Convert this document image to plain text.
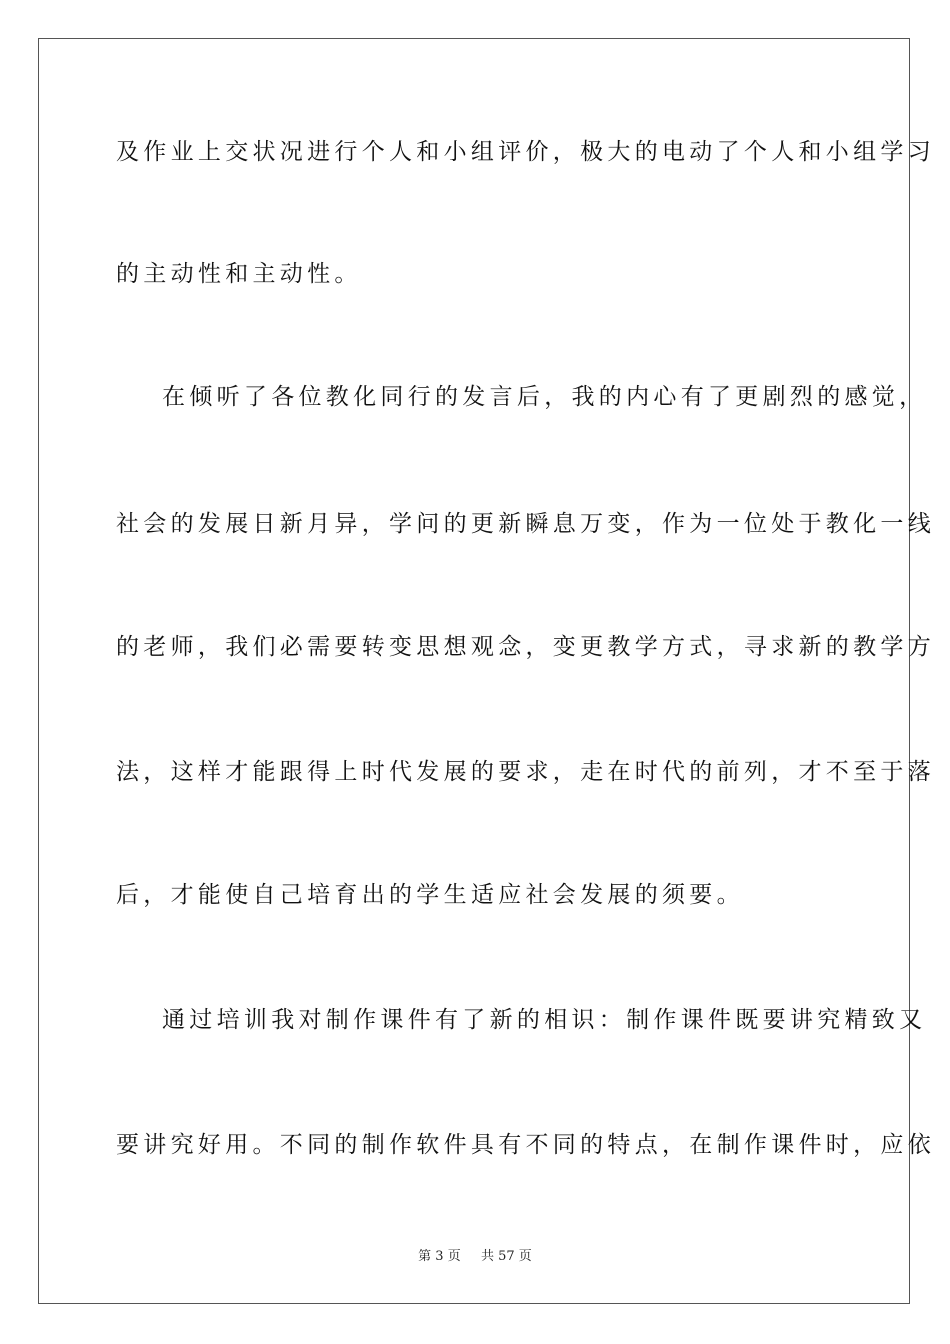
及作业上交状况进行个人和小组评价，极大的电动了个人和小组学习
的主动性和主动性。
在倾听了各位教化同行的发言后，我的内心有了更剧烈的感觉，
社会的发展日新月异，学问的更新瞬息万变，作为一位处于教化一线
的老师，我们必需要转变思想观念，变更教学方式，寻求新的教学方
法，这样才能跟得上时代发展的要求，走在时代的前列，才不至于落
后，才能使自己培育出的学生适应社会发展的须要。
通过培训我对制作课件有了新的相识：制作课件既要讲究精致又
要讲究好用。不同的制作软件具有不同的特点，在制作课件时，应依
第 3 页 共 57 页
